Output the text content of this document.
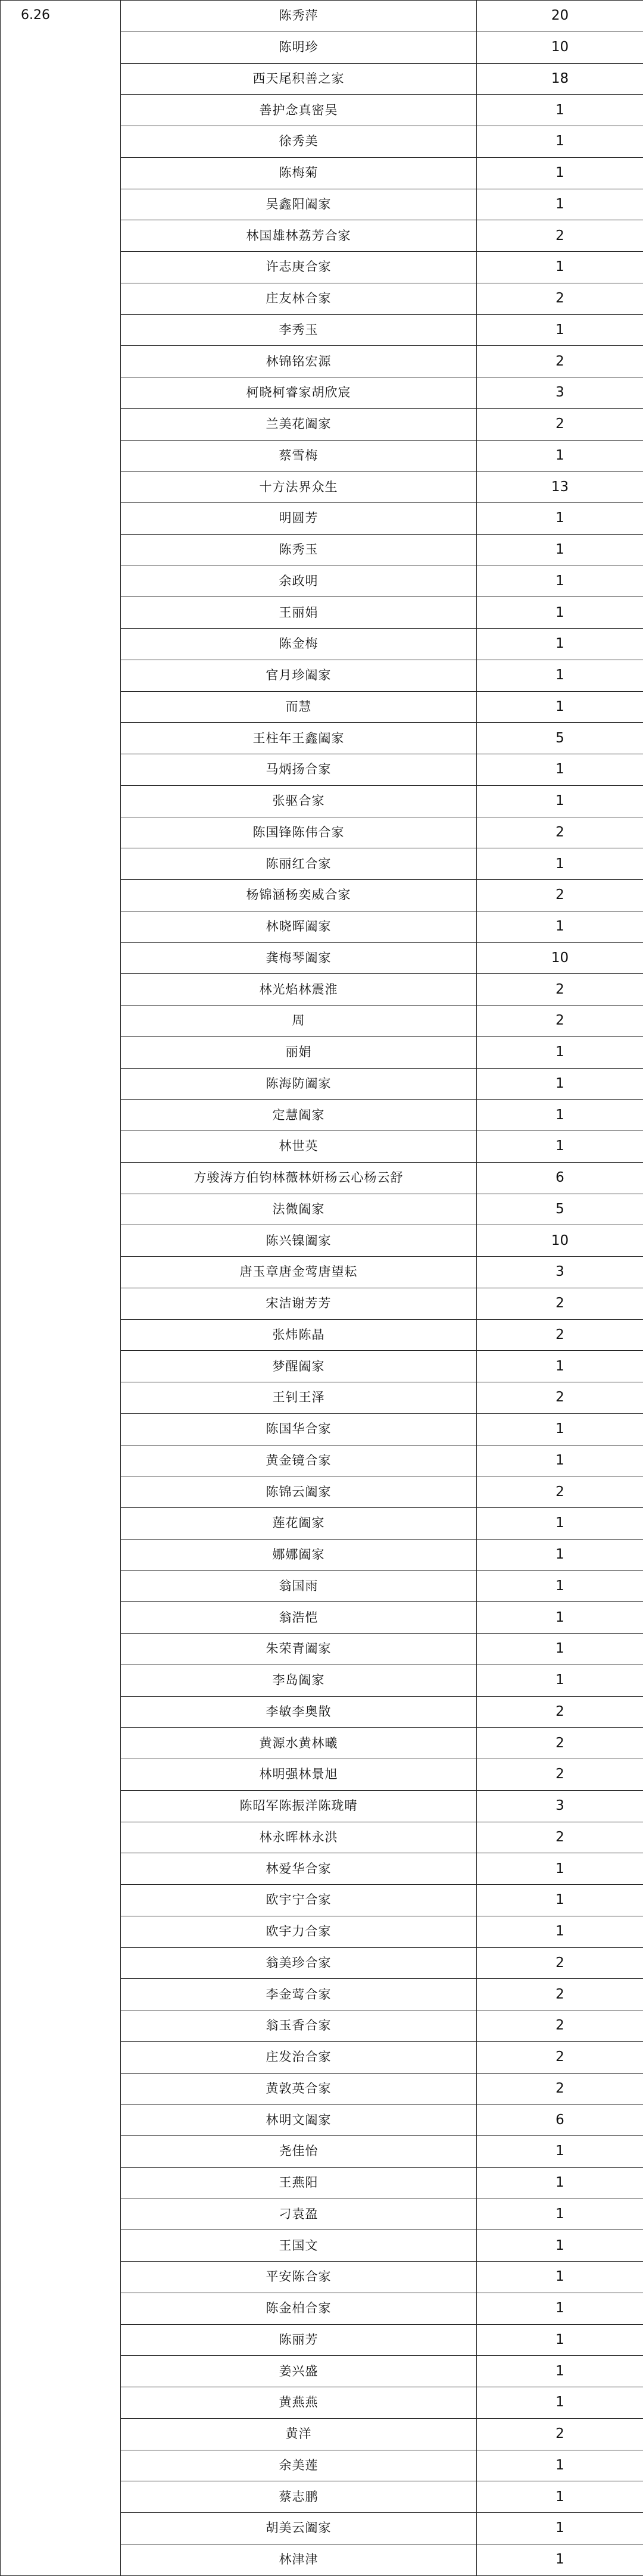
6.26	陈秀萍	20
	陈明珍	10
	西天尾积善之家	18
	善护念真密吴	1
	徐秀美	1
	陈梅菊	1
	吴鑫阳阖家	1
	林国雄林荔芳合家	2
	许志庚合家	1
	庄友林合家	2
	李秀玉	1
	林锦铭宏源	2
	柯晓柯睿家胡欣宸	3
	兰美花阖家	2
	蔡雪梅	1
	十方法界众生	13
	明圆芳	1
	陈秀玉	1
	余政明	1
	王丽娟	1
	陈金梅	1
	官月珍阖家	1
	而慧	1
	王柱年王鑫阖家	5
	马炳扬合家	1
	张驱合家	1
	陈国锋陈伟合家	2
	陈丽红合家	1
	杨锦涵杨奕威合家	2
	林晓晖阖家	1
	龚梅琴阖家	10
	林光焰林震淮	2
	周	2
	丽娟	1
	陈海防阖家	1
	定慧阖家	1
	林世英	1
	方骏涛方伯钧林薇林妍杨云心杨云舒	6
	法微阖家	5
	陈兴镍阖家	10
	唐玉章唐金莺唐望耘	3
	宋洁谢芳芳	2
	张炜陈晶	2
	梦醒阖家	1
	王钊王泽	2
	陈国华合家	1
	黄金镜合家	1
	陈锦云阖家	2
	莲花阖家	1
	娜娜阖家	1
	翁国雨	1
	翁浩恺	1
	朱荣青阖家	1
	李岛阖家	1
	李敏李奥散	2
	黄源水黄林曦	2
	林明强林景旭	2
	陈昭军陈振洋陈珑晴	3
	林永晖林永洪	2
	林爱华合家	1
	欧宇宁合家	1
	欧宇力合家	1
	翁美珍合家	2
	李金莺合家	2
	翁玉香合家	2
	庄发治合家	2
	黄敦英合家	2
	林明文阖家	6
	尧佳怡	1
	王燕阳	1
	刁袁盈	1
	王国文	1
	平安陈合家	1
	陈金柏合家	1
	陈丽芳	1
	姜兴盛	1
	黄燕燕	1
	黄洋	2
	余美莲	1
	蔡志鹏	1
	胡美云阖家	1
	林津津	1
